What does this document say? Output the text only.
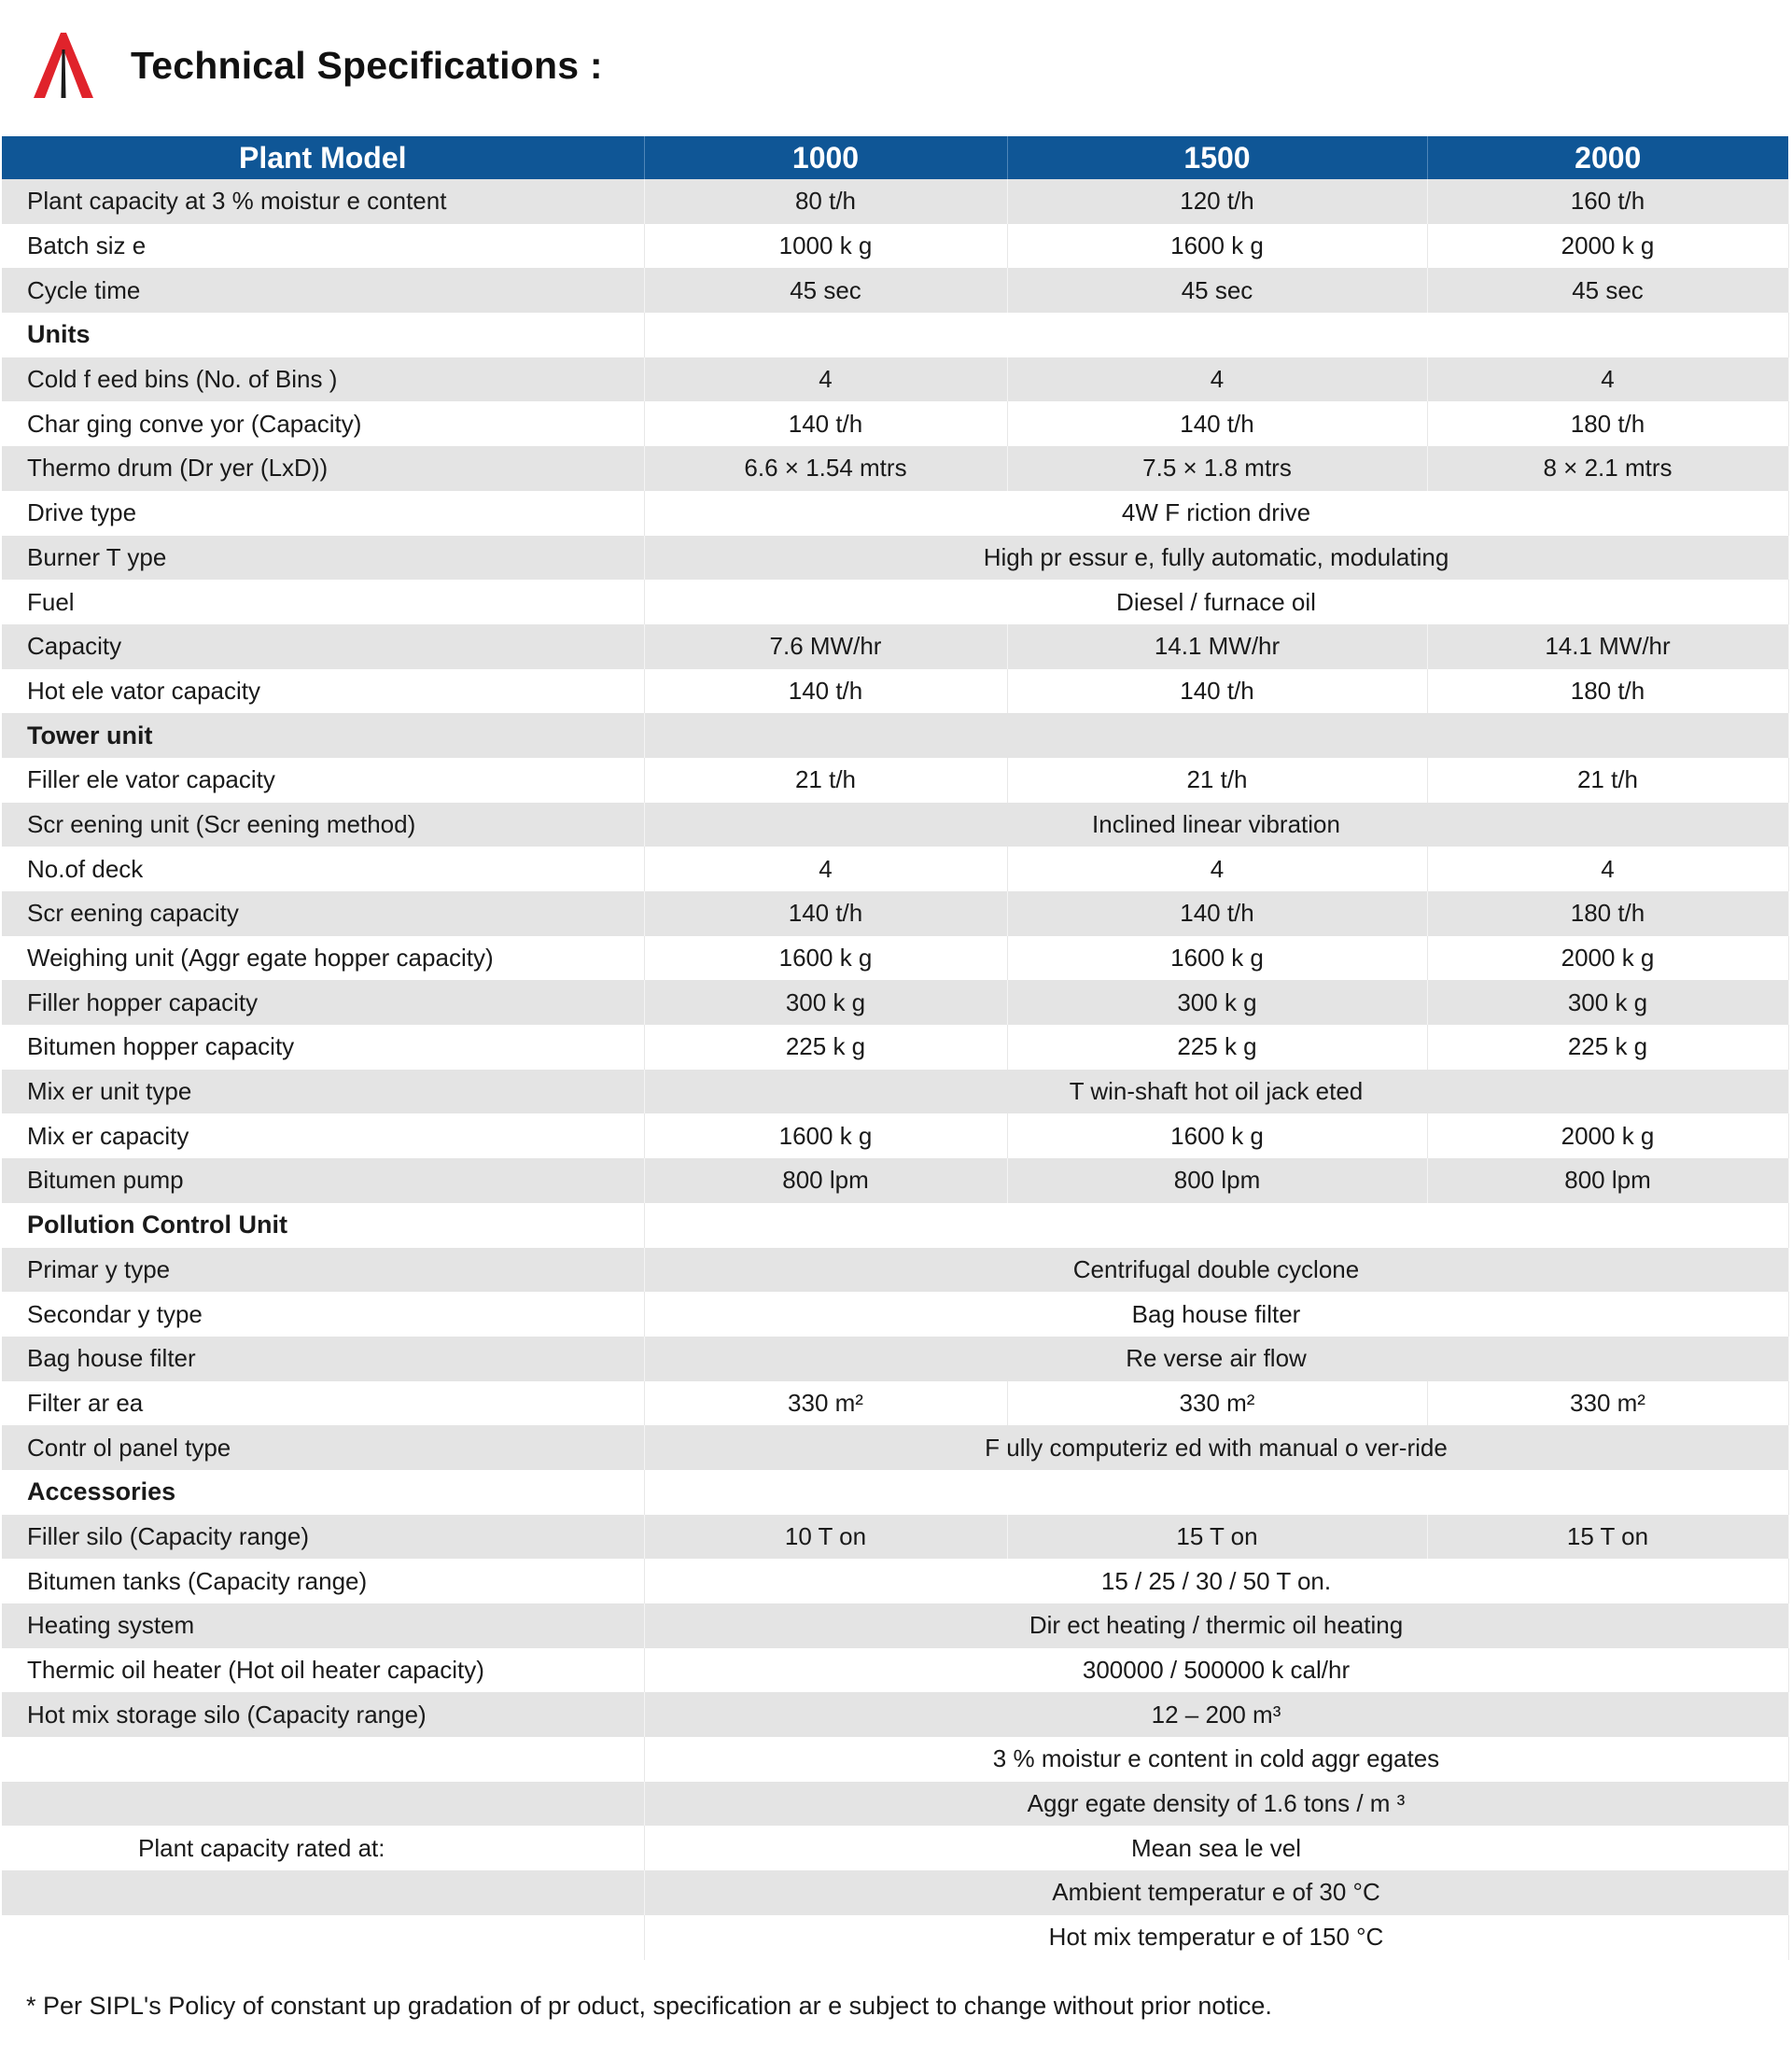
Technical Specifications :
Plant Model	1000	1500	2000
Plant capacity at 3 % moistur e content	80 t/h	120 t/h	160 t/h
Batch siz e	1000 k g	1600 k g	2000 k g
Cycle time	45 sec	45 sec	45 sec
Units			
Cold f eed bins (No. of Bins )	4	4	4
Char ging conve yor (Capacity)	140 t/h	140 t/h	180 t/h
Thermo drum (Dr yer (LxD))	6.6 × 1.54 mtrs	7.5 × 1.8 mtrs	8 × 2.1 mtrs
Drive type	4W F riction drive		
Burner T ype	High pr essur e, fully automatic, modulating		
Fuel	Diesel / furnace oil		
Capacity	7.6 MW/hr	14.1 MW/hr	14.1 MW/hr
Hot ele vator capacity	140 t/h	140 t/h	180 t/h
Tower unit			
Filler ele vator capacity	21 t/h	21 t/h	21 t/h
Scr eening unit (Scr eening method)	Inclined linear vibration		
No.of deck	4	4	4
Scr eening capacity	140 t/h	140 t/h	180 t/h
Weighing unit (Aggr egate hopper capacity)	1600 k g	1600 k g	2000 k g
Filler hopper capacity	300 k g	300 k g	300 k g
Bitumen hopper capacity	225 k g	225 k g	225 k g
Mix er unit type	T win-shaft hot oil jack eted		
Mix er capacity	1600 k g	1600 k g	2000 k g
Bitumen pump	800 lpm	800 lpm	800 lpm
Pollution Control Unit			
Primar y type	Centrifugal double cyclone		
Secondar y type	Bag house filter		
Bag house filter	Re verse air flow		
Filter ar ea	330 m²	330 m²	330 m²
Contr ol panel type	F ully computeriz ed with manual o ver-ride		
Accessories			
Filler silo (Capacity range)	10 T on	15 T on	15 T on
Bitumen tanks (Capacity range)	15 / 25 / 30 / 50 T on.		
Heating system	Dir ect heating / thermic oil heating		
Thermic oil heater (Hot oil heater capacity)	300000 / 500000 k cal/hr		
Hot mix storage silo (Capacity range)	12 – 200 m³		
	3 % moistur e content in cold aggr egates		
	Aggr egate density of 1.6 tons / m ³		
Plant capacity rated at:	Mean sea le vel		
	Ambient temperatur e of 30 °C		
	Hot mix temperatur e of 150 °C		
* Per SIPL's Policy of constant up gradation of pr oduct, specification ar e subject to change without prior notice.
